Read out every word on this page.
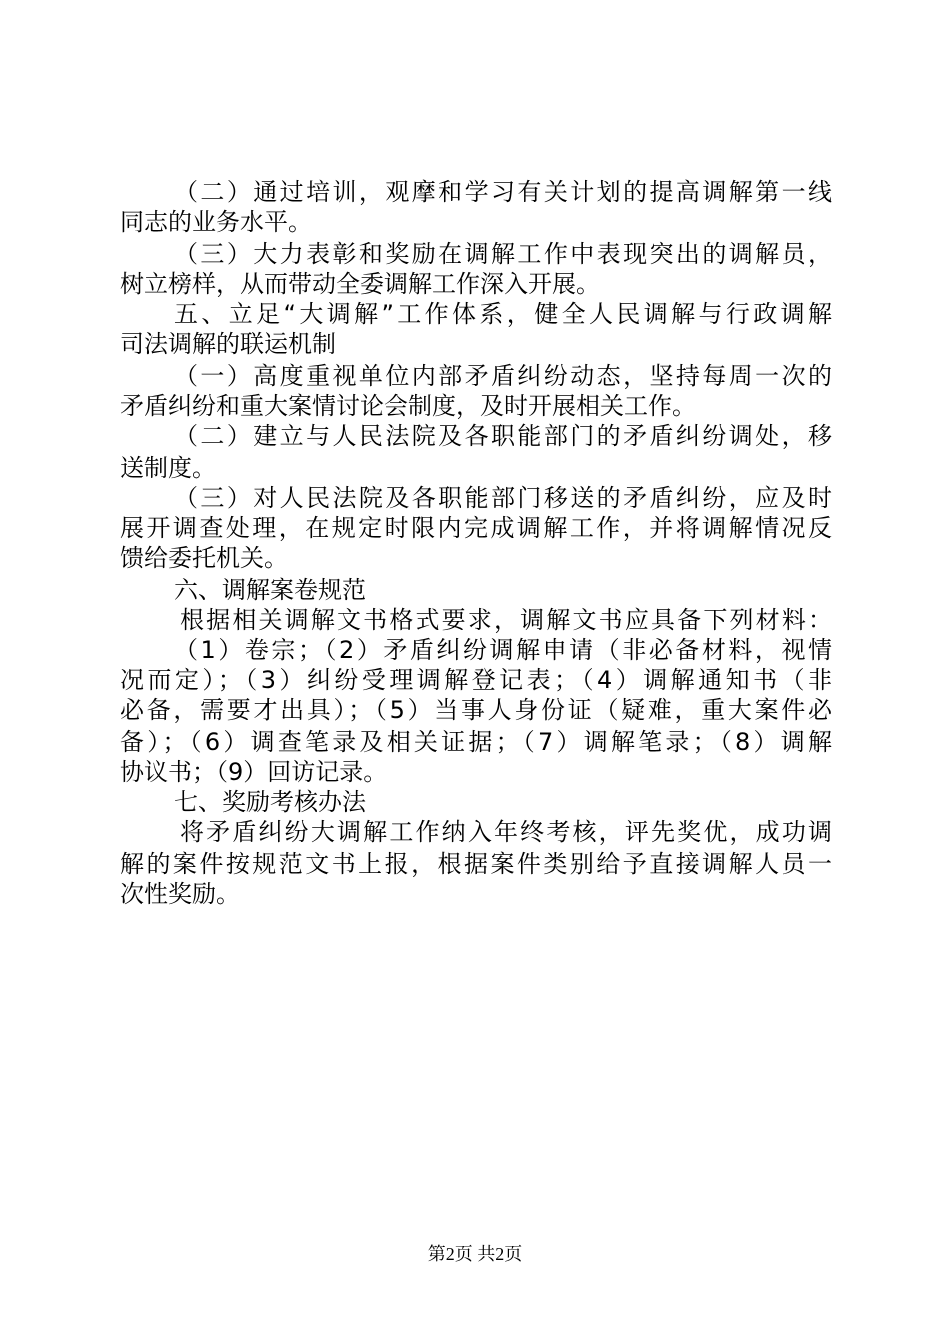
（二）通过培训，观摩和学习有关计划的提高调解第一线
同志的业务水平。
（三）大力表彰和奖励在调解工作中表现突出的调解员，
树立榜样，从而带动全委调解工作深入开展。
五、立足“大调解”工作体系，健全人民调解与行政调解
司法调解的联运机制
（一）高度重视单位内部矛盾纠纷动态，坚持每周一次的
矛盾纠纷和重大案情讨论会制度，及时开展相关工作。
（二）建立与人民法院及各职能部门的矛盾纠纷调处，移
送制度。
（三）对人民法院及各职能部门移送的矛盾纠纷，应及时
展开调查处理，在规定时限内完成调解工作，并将调解情况反
馈给委托机关。
六、调解案卷规范
根据相关调解文书格式要求，调解文书应具备下列材料：
（1）卷宗；（2）矛盾纠纷调解申请（非必备材料，视情
况而定）；（3）纠纷受理调解登记表；（4）调解通知书（非
必备，需要才出具）；（5）当事人身份证（疑难，重大案件必
备）；（6）调查笔录及相关证据；（7）调解笔录；（8）调解
协议书；（9）回访记录。
七、奖励考核办法
将矛盾纠纷大调解工作纳入年终考核，评先奖优，成功调
解的案件按规范文书上报，根据案件类别给予直接调解人员一
次性奖励。
第2页 共2页
